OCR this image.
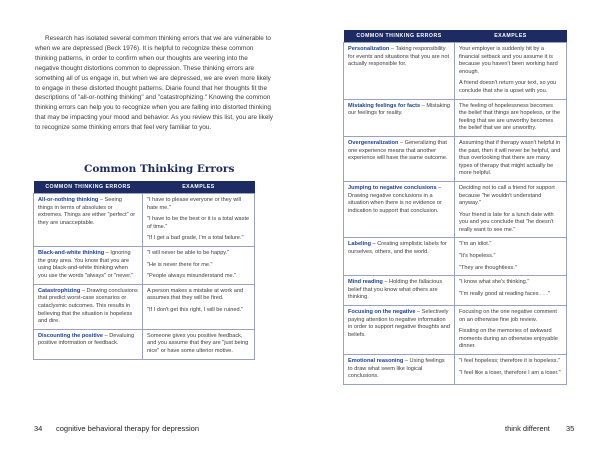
Research has isolated several common thinking errors that we are vulnerable to when we are depressed (Beck 1976). It is helpful to recognize these common thinking patterns, in order to confirm when our thoughts are veering into the negative thought distortions common to depression. These thinking errors are something all of us engage in, but when we are depressed, we are even more likely to engage in these distorted thought patterns. Diane found that her thoughts fit the descriptions of "all-or-nothing thinking" and "catastrophizing." Knowing the common thinking errors can help you to recognize when you are falling into distorted thinking that may be impacting your mood and behavior. As you review this list, you are likely to recognize some thinking errors that feel very familiar to you.

Common Thinking Errors
COMMON THINKING ERRORS	EXAMPLES
All-or-nothing thinking – Seeing things in terms of absolutes or extremes. Things are either "perfect" or they are unacceptable.	"I have to please everyone or they will hate me."

"I have to be the best or it is a total waste of time."

"If I get a bad grade, I'm a total failure."

Black-and-white thinking – Ignoring the gray area. You know that you are using black-and-white thinking when you use the words "always" or "never."	"I will never be able to be happy."

"He is never there for me."

"People always misunderstand me."

Catastrophizing – Drawing conclusions that predict worst-case scenarios or cataclysmic outcomes. This results in believing that the situation is hopeless and dire.	A person makes a mistake at work and assumes that they will be fired.

"If I don't get this right, I will be ruined."

Discounting the positive – Devaluing positive information or feedback.	Someone gives you positive feedback, and you assume that they are "just being nice" or have some ulterior motive.

34 cognitive behavioral therapy for depression
COMMON THINKING ERRORS	EXAMPLES
Personalization – Taking responsibility for events and situations that you are not actually responsible for.	Your employer is suddenly hit by a financial setback and you assume it is because you haven't been working hard enough.

A friend doesn't return your text, so you conclude that she is upset with you.

Mistaking feelings for facts – Mistaking our feelings for reality.	The feeling of hopelessness becomes the belief that things are hopeless, or the feeling that we are unworthy becomes the belief that we are unworthy.

Overgeneralization – Generalizing that one experience means that another experience will have the same outcome.	Assuming that if therapy wasn't helpful in the past, then it will never be helpful, and thus overlooking that there are many types of therapy that might actually be more helpful.

Jumping to negative conclusions – Drawing negative conclusions in a situation when there is no evidence or indication to support that conclusion.	Deciding not to call a friend for support because "he wouldn't understand anyway."

Your friend is late for a lunch date with you and you conclude that "he doesn't really want to see me."

Labeling – Creating simplistic labels for ourselves, others, and the world.	"I'm an idiot."

"It's hopeless."

"They are thoughtless."

Mind reading – Holding the fallacious belief that you know what others are thinking.	"I know what she's thinking."

"I'm really good at reading faces . . ."

Focusing on the negative – Selectively paying attention to negative information in order to support negative thoughts and beliefs.	Focusing on the one negative comment on an otherwise fine job review.

Fixating on the memories of awkward moments during an otherwise enjoyable dinner.

Emotional reasoning – Using feelings to draw what seem like logical conclusions.	"I feel hopeless; therefore it is hopeless."

"I feel like a loser, therefore I am a loser."

think different 35
